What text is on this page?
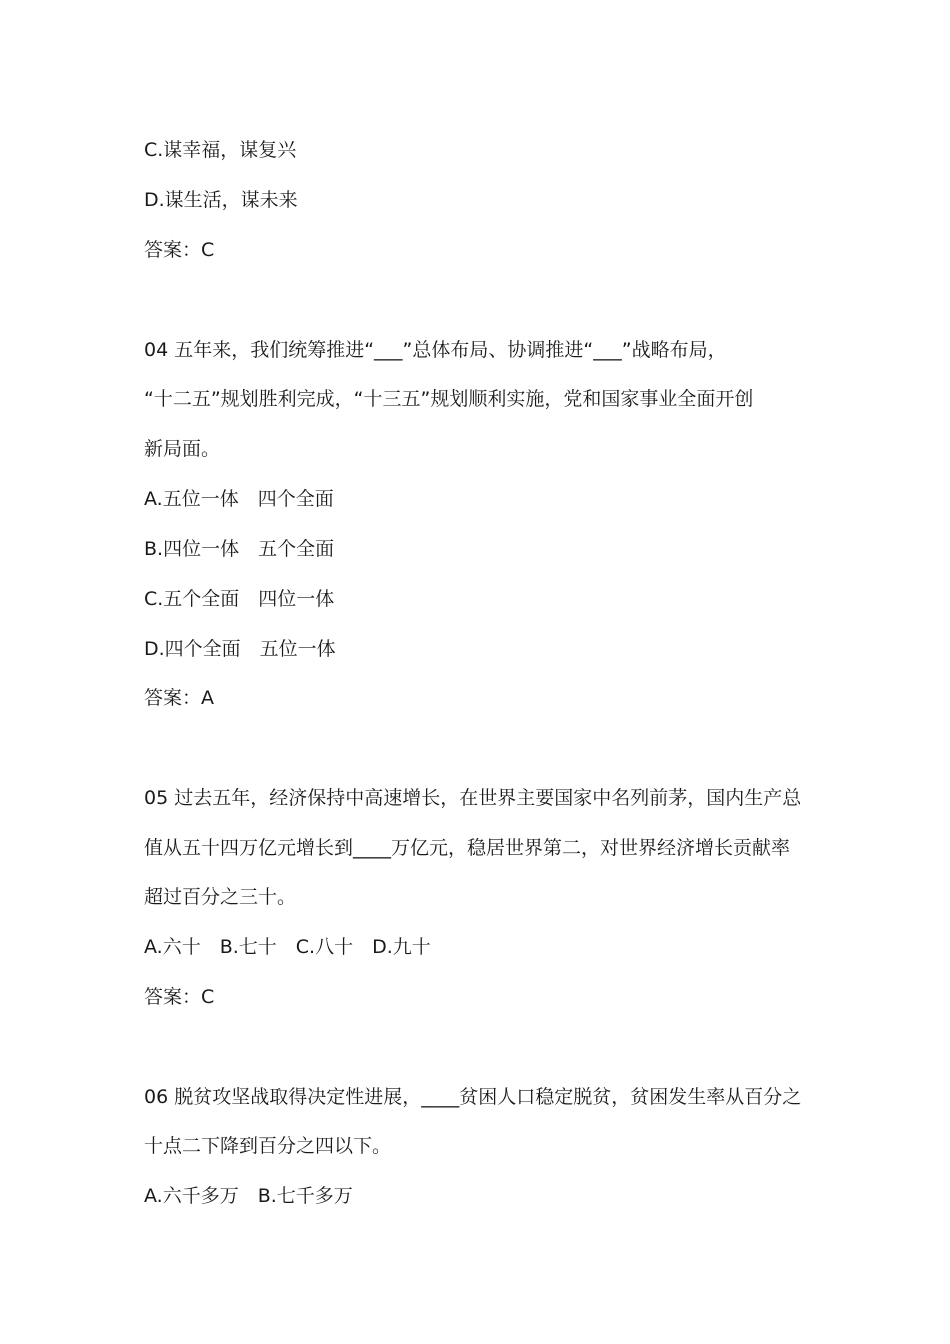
C.谋幸福，谋复兴
D.谋生活，谋未来
答案：C
04 五年来，我们统筹推进“___”总体布局、协调推进“___”战略布局，
“十二五”规划胜利完成，“十三五”规划顺利实施，党和国家事业全面开创
新局面。
A.五位一体　四个全面
B.四位一体　五个全面
C.五个全面　四位一体
D.四个全面　五位一体
答案：A
05 过去五年，经济保持中高速增长，在世界主要国家中名列前茅，国内生产总
值从五十四万亿元增长到____万亿元，稳居世界第二，对世界经济增长贡献率
超过百分之三十。
A.六十　B.七十　C.八十　D.九十
答案：C
06 脱贫攻坚战取得决定性进展，____贫困人口稳定脱贫，贫困发生率从百分之
十点二下降到百分之四以下。
A.六千多万　B.七千多万
